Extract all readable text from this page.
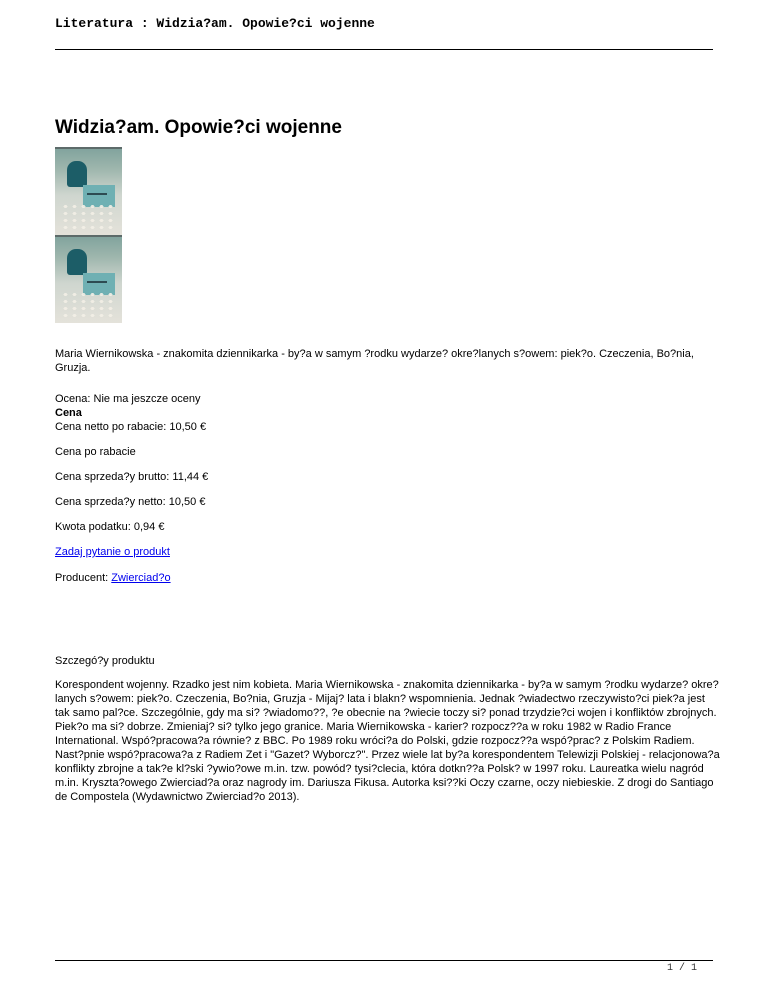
Literatura : Widzia?am. Opowie?ci wojenne
Widzia?am. Opowie?ci wojenne
Maria Wiernikowska - znakomita dziennikarka - by?a w samym ?rodku wydarze? okre?lanych s?owem: piek?o. Czeczenia, Bo?nia, Gruzja.

Ocena: Nie ma jeszcze oceny

Cena

Cena netto po rabacie: 10,50 €

Cena po rabacie

Cena sprzeda?y brutto: 11,44 €

Cena sprzeda?y netto: 10,50 €

Kwota podatku: 0,94 €

Zadaj pytanie o produkt
Producent: Zwierciad?o
Szczegó?y produktu
Korespondent wojenny. Rzadko jest nim kobieta. Maria Wiernikowska - znakomita dziennikarka - by?a w samym ?rodku wydarze? okre?lanych s?owem: piek?o. Czeczenia, Bo?nia, Gruzja - Mijaj? lata i blakn? wspomnienia. Jednak ?wiadectwo rzeczywisto?ci piek?a jest tak samo pal?ce. Szczególnie, gdy ma si? ?wiadomo??, ?e obecnie na ?wiecie toczy si? ponad trzydzie?ci wojen i konfliktów zbrojnych. Piek?o ma si? dobrze. Zmieniaj? si? tylko jego granice. Maria Wiernikowska - karier? rozpocz??a w roku 1982 w Radio France International. Wspó?pracowa?a równie? z BBC. Po 1989 roku wróci?a do Polski, gdzie rozpocz??a wspó?prac? z Polskim Radiem. Nast?pnie wspó?pracowa?a z Radiem Zet i "Gazet? Wyborcz?". Przez wiele lat by?a korespondentem Telewizji Polskiej - relacjonowa?a konflikty zbrojne a tak?e kl?ski ?ywio?owe m.in. tzw. powód? tysi?clecia, która dotkn??a Polsk? w 1997 roku. Laureatka wielu nagród m.in. Kryszta?owego Zwierciad?a oraz nagrody im. Dariusza Fikusa. Autorka ksi??ki Oczy czarne, oczy niebieskie. Z drogi do Santiago de Compostela (Wydawnictwo Zwierciad?o 2013).
1 / 1
